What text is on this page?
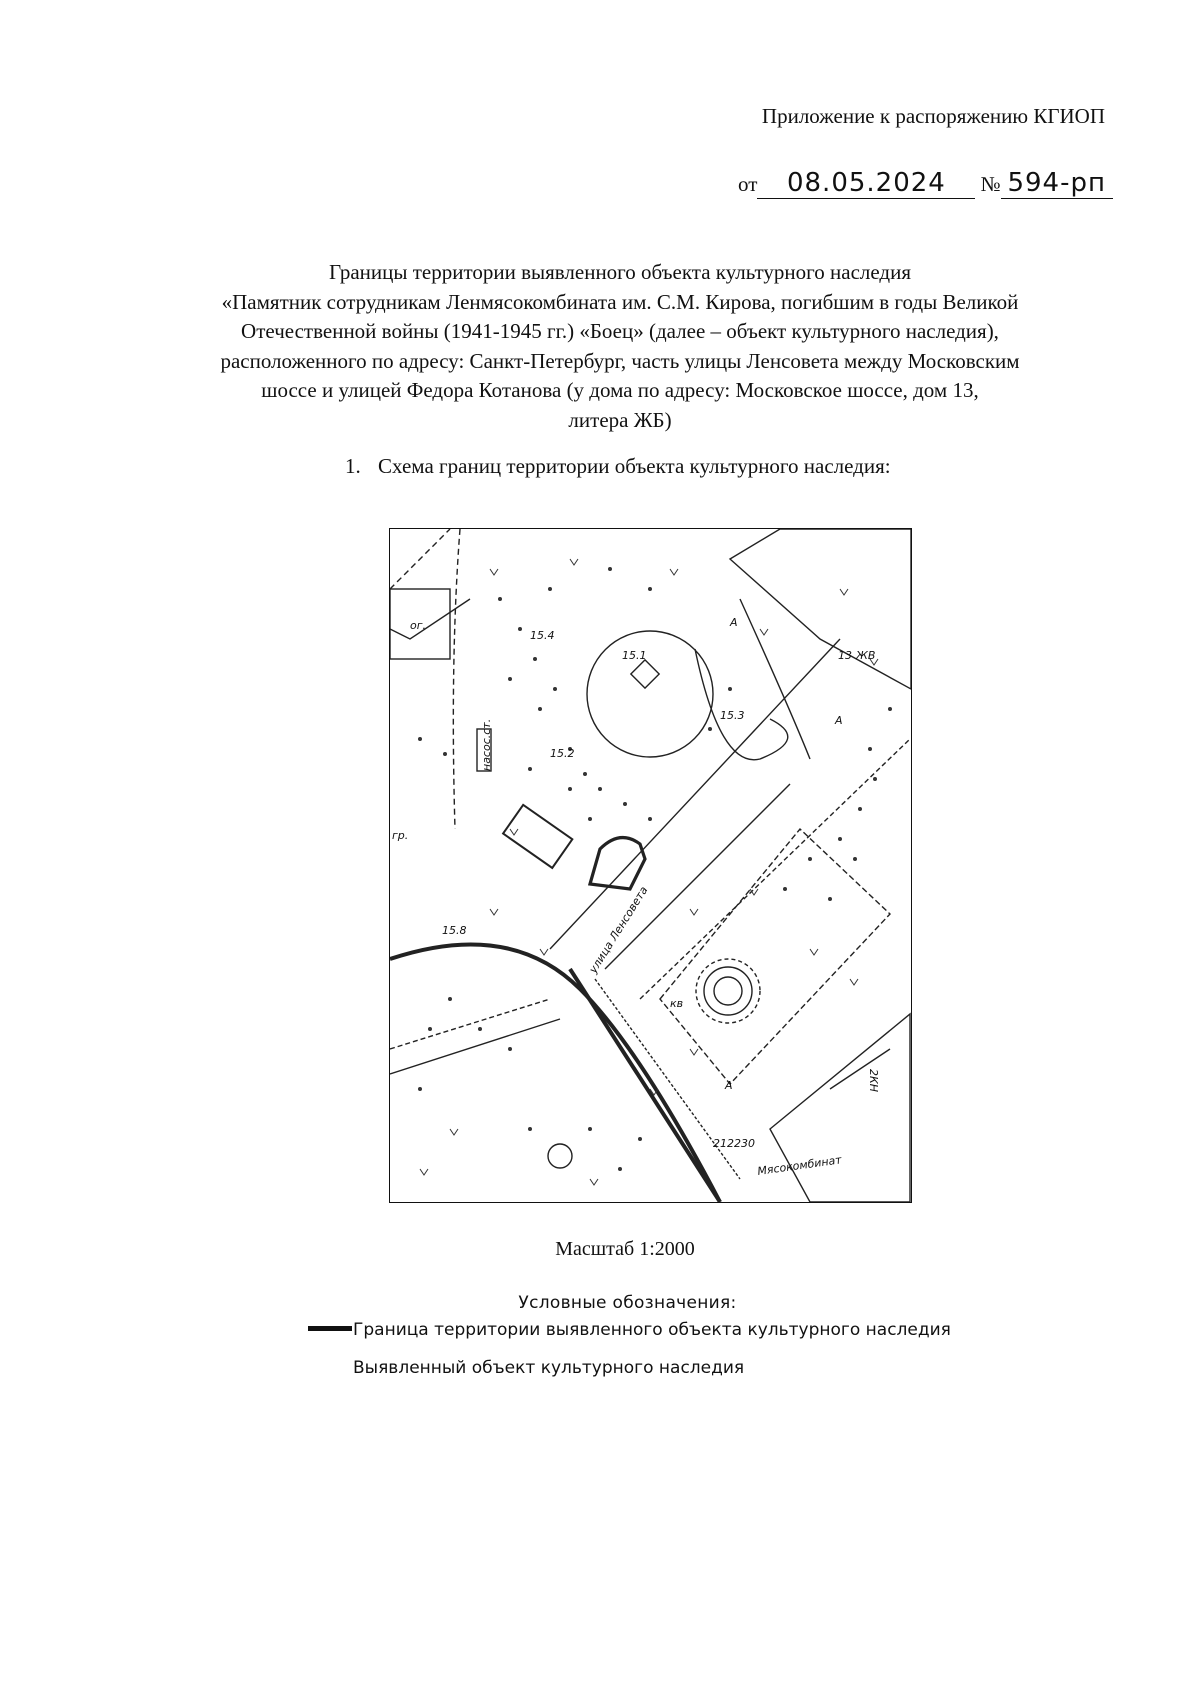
Приложение к распоряжению КГИОП
от 08.05.2024 № 594-рп
Границы территории выявленного объекта культурного наследия
«Памятник сотрудникам Ленмясокомбината им. С.М. Кирова, погибшим в годы Великой
Отечественной войны (1941-1945 гг.) «Боец» (далее – объект культурного наследия),
расположенного по адресу: Санкт-Петербург, часть улицы Ленсовета между Московским
шоссе и улицей Федора Котанова (у дома по адресу: Московское шоссе, дом 13,
литера ЖБ)
1. Схема границ территории объекта культурного наследия:
улица Ленсовета
Мясокомбинат
212230
2КН
13 ЖВ
насос.ст.
ог.
гр.
15.1
15.2
15.3
15.4
15.8
А
А
А
кв
Масштаб 1:2000
Условные обозначения:
Граница территории выявленного объекта культурного наследия
Выявленный объект культурного наследия
